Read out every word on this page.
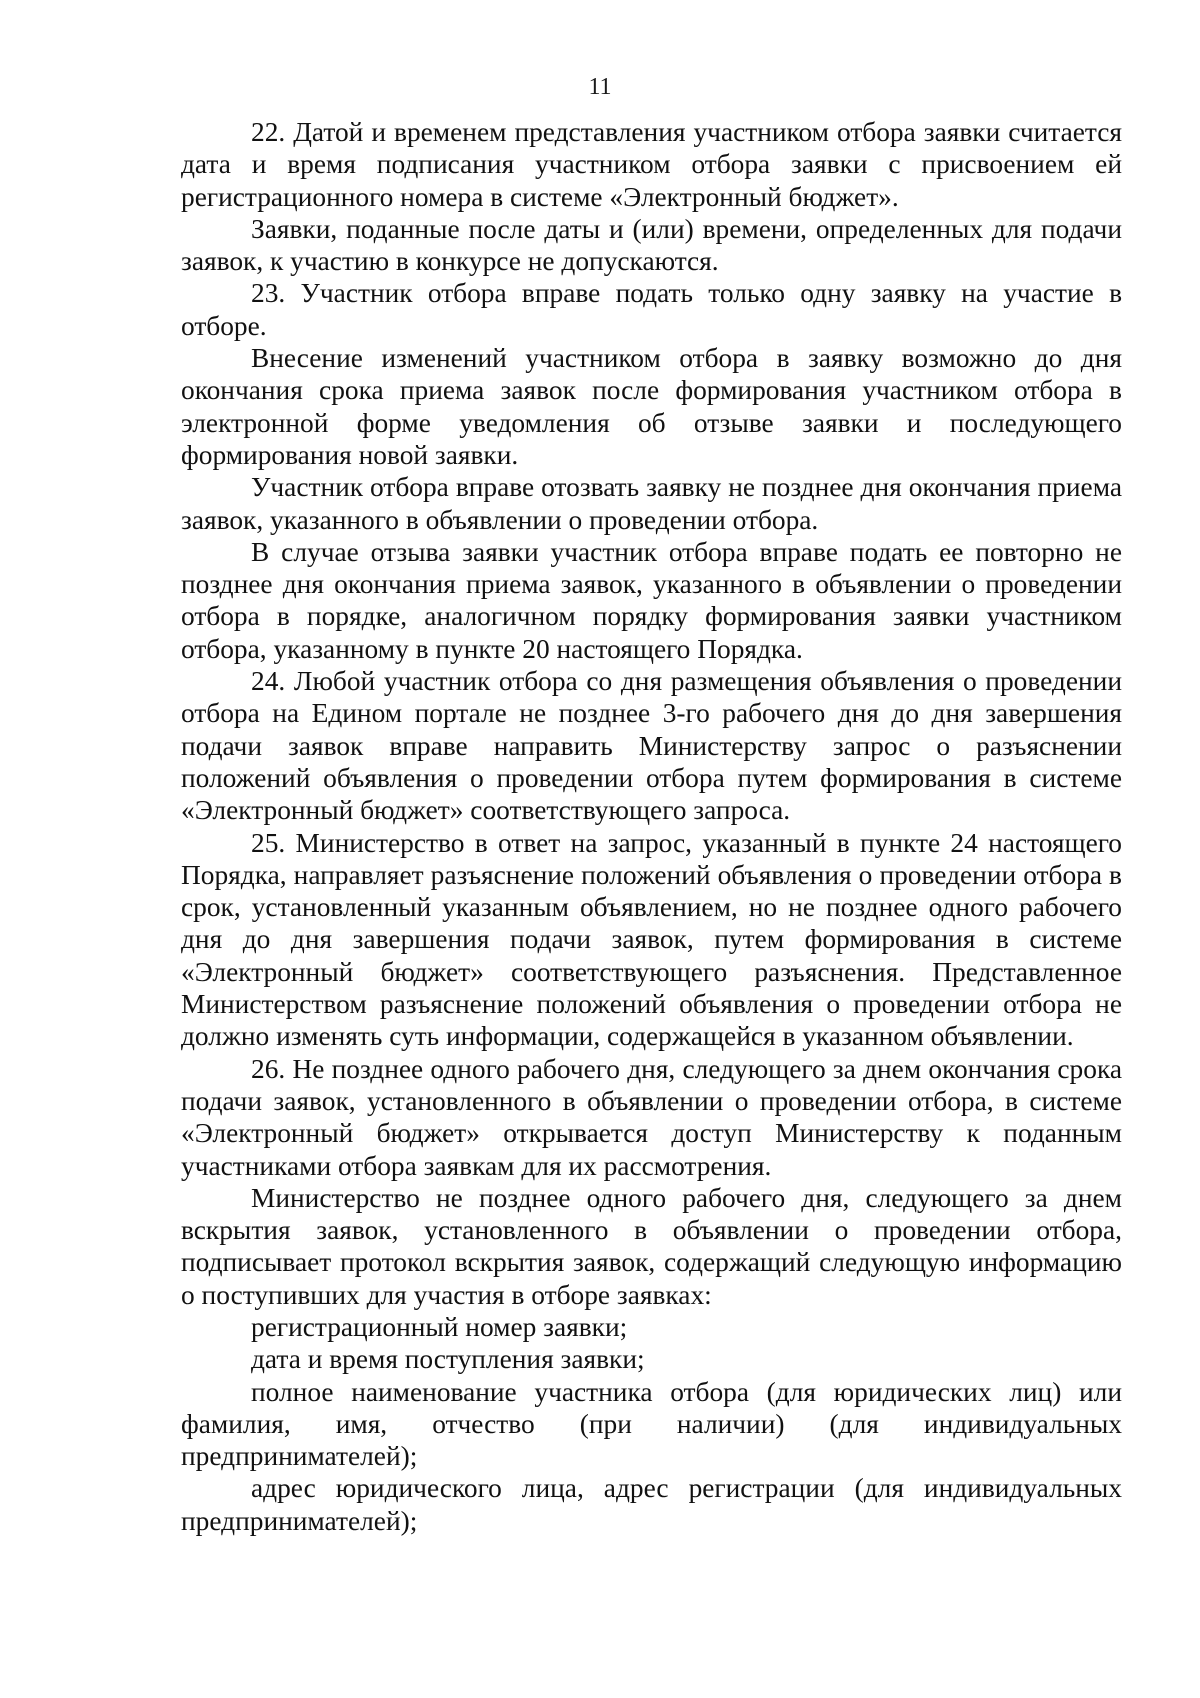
11

22. Датой и временем представления участником отбора заявки считается дата и время подписания участником отбора заявки с присвоением ей регистрационного номера в системе «Электронный бюджет».

Заявки, поданные после даты и (или) времени, определенных для подачи заявок, к участию в конкурсе не допускаются.

23. Участник отбора вправе подать только одну заявку на участие в отборе.

Внесение изменений участником отбора в заявку возможно до дня окончания срока приема заявок после формирования участником отбора в электронной форме уведомления об отзыве заявки и последующего формирования новой заявки.

Участник отбора вправе отозвать заявку не позднее дня окончания приема заявок, указанного в объявлении о проведении отбора.

В случае отзыва заявки участник отбора вправе подать ее повторно не позднее дня окончания приема заявок, указанного в объявлении о проведении отбора в порядке, аналогичном порядку формирования заявки участником отбора, указанному в пункте 20 настоящего Порядка.

24. Любой участник отбора со дня размещения объявления о проведении отбора на Едином портале не позднее 3-го рабочего дня до дня завершения подачи заявок вправе направить Министерству запрос о разъяснении положений объявления о проведении отбора путем формирования в системе «Электронный бюджет» соответствующего запроса.

25. Министерство в ответ на запрос, указанный в пункте 24 настоящего Порядка, направляет разъяснение положений объявления о проведении отбора в срок, установленный указанным объявлением, но не позднее одного рабочего дня до дня завершения подачи заявок, путем формирования в системе «Электронный бюджет» соответствующего разъяснения. Представленное Министерством разъяснение положений объявления о проведении отбора не должно изменять суть информации, содержащейся в указанном объявлении.

26. Не позднее одного рабочего дня, следующего за днем окончания срока подачи заявок, установленного в объявлении о проведении отбора, в системе «Электронный бюджет» открывается доступ Министерству к поданным участниками отбора заявкам для их рассмотрения.

Министерство не позднее одного рабочего дня, следующего за днем вскрытия заявок, установленного в объявлении о проведении отбора, подписывает протокол вскрытия заявок, содержащий следующую информацию о поступивших для участия в отборе заявках:

регистрационный номер заявки;

дата и время поступления заявки;

полное наименование участника отбора (для юридических лиц) или фамилия, имя, отчество (при наличии) (для индивидуальных предпринимателей);

адрес юридического лица, адрес регистрации (для индивидуальных предпринимателей);
